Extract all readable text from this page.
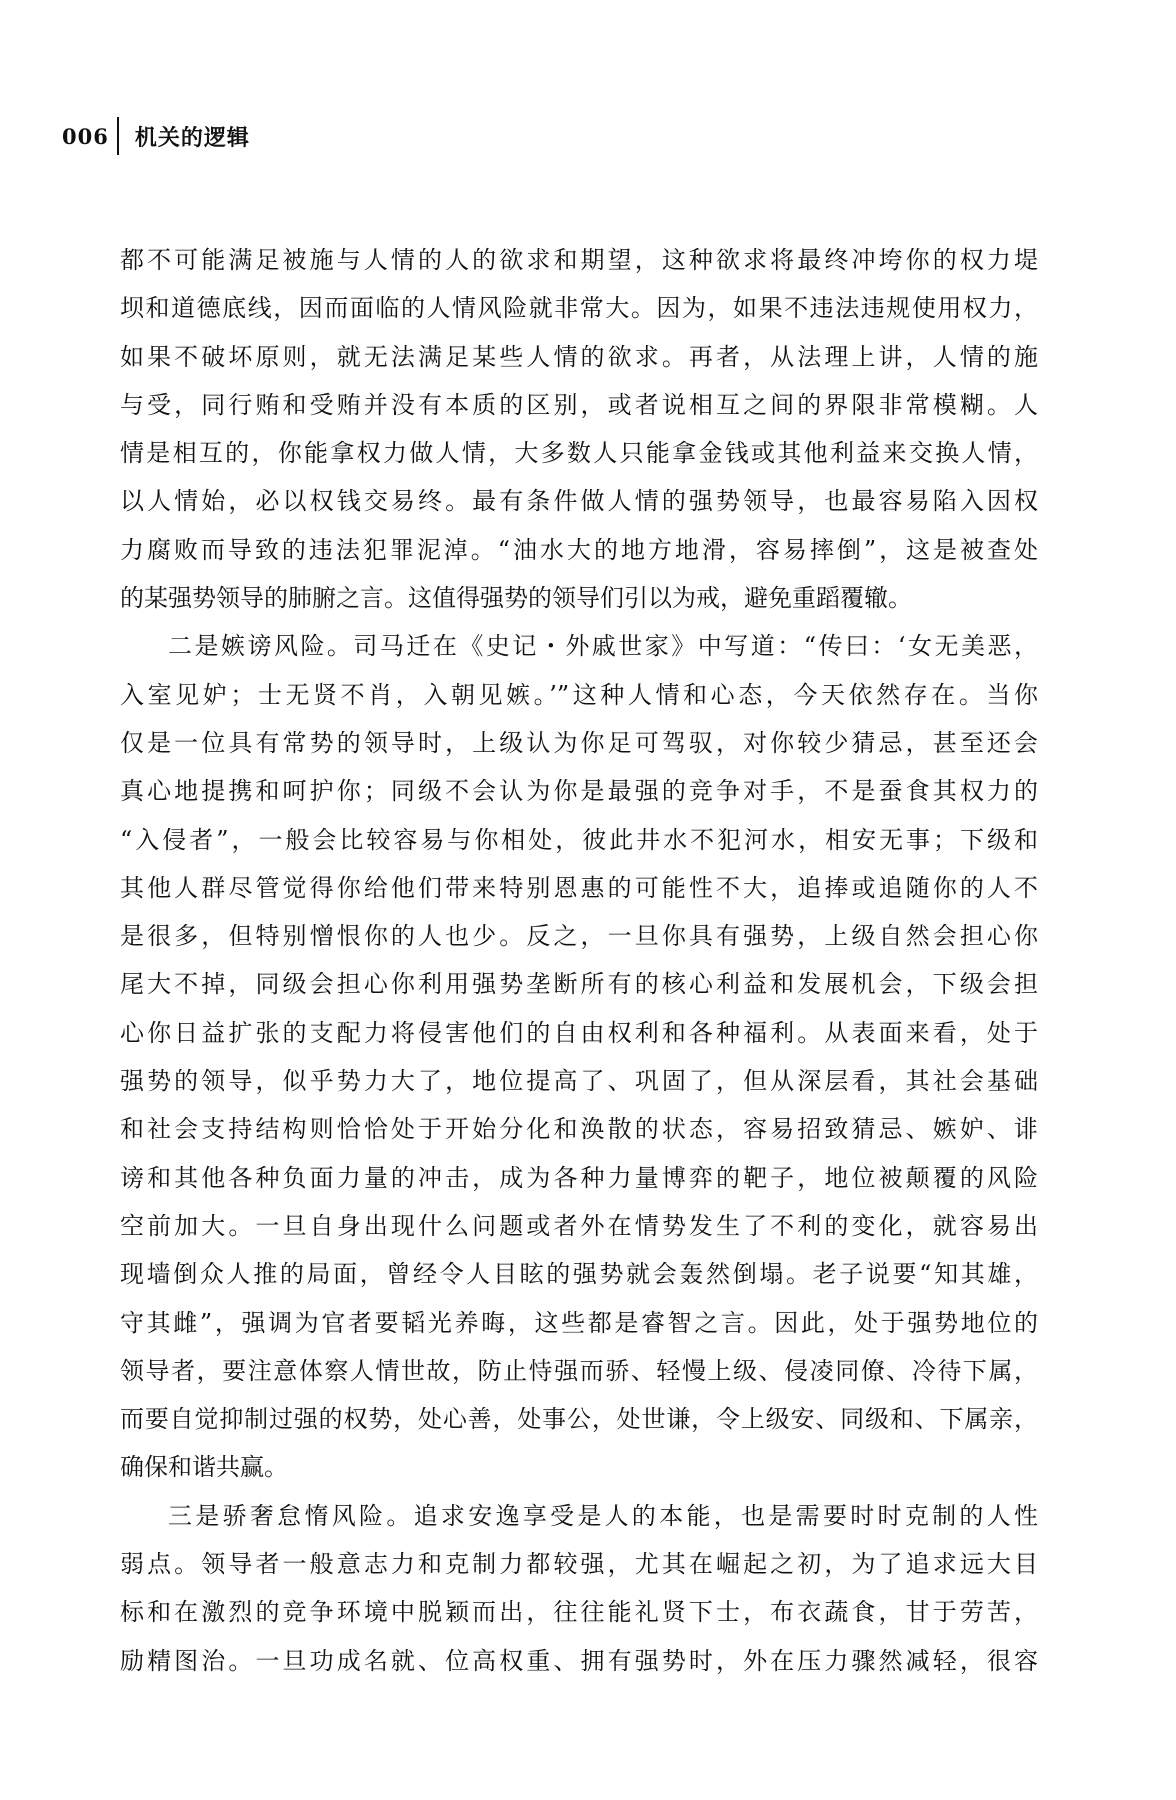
006 机关的逻辑
都不可能满足被施与人情的人的欲求和期望，这种欲求将最终冲垮你的权力堤
坝和道德底线，因而面临的人情风险就非常大。因为，如果不违法违规使用权力，
如果不破坏原则，就无法满足某些人情的欲求。再者，从法理上讲，人情的施
与受，同行贿和受贿并没有本质的区别，或者说相互之间的界限非常模糊。人
情是相互的，你能拿权力做人情，大多数人只能拿金钱或其他利益来交换人情，
以人情始，必以权钱交易终。最有条件做人情的强势领导，也最容易陷入因权
力腐败而导致的违法犯罪泥淖。“油水大的地方地滑，容易摔倒”，这是被查处
的某强势领导的肺腑之言。这值得强势的领导们引以为戒，避免重蹈覆辙。
二是嫉谤风险。司马迁在《史记・外戚世家》中写道：“传曰：‘女无美恶，
入室见妒；士无贤不肖，入朝见嫉。’”这种人情和心态，今天依然存在。当你
仅是一位具有常势的领导时，上级认为你足可驾驭，对你较少猜忌，甚至还会
真心地提携和呵护你；同级不会认为你是最强的竞争对手，不是蚕食其权力的
“入侵者”，一般会比较容易与你相处，彼此井水不犯河水，相安无事；下级和
其他人群尽管觉得你给他们带来特别恩惠的可能性不大，追捧或追随你的人不
是很多，但特别憎恨你的人也少。反之，一旦你具有强势，上级自然会担心你
尾大不掉，同级会担心你利用强势垄断所有的核心利益和发展机会，下级会担
心你日益扩张的支配力将侵害他们的自由权利和各种福利。从表面来看，处于
强势的领导，似乎势力大了，地位提高了、巩固了，但从深层看，其社会基础
和社会支持结构则恰恰处于开始分化和涣散的状态，容易招致猜忌、嫉妒、诽
谤和其他各种负面力量的冲击，成为各种力量博弈的靶子，地位被颠覆的风险
空前加大。一旦自身出现什么问题或者外在情势发生了不利的变化，就容易出
现墙倒众人推的局面，曾经令人目眩的强势就会轰然倒塌。老子说要“知其雄，
守其雌”，强调为官者要韬光养晦，这些都是睿智之言。因此，处于强势地位的
领导者，要注意体察人情世故，防止恃强而骄、轻慢上级、侵凌同僚、冷待下属，
而要自觉抑制过强的权势，处心善，处事公，处世谦，令上级安、同级和、下属亲，
确保和谐共赢。
三是骄奢怠惰风险。追求安逸享受是人的本能，也是需要时时克制的人性
弱点。领导者一般意志力和克制力都较强，尤其在崛起之初，为了追求远大目
标和在激烈的竞争环境中脱颖而出，往往能礼贤下士，布衣蔬食，甘于劳苦，
励精图治。一旦功成名就、位高权重、拥有强势时，外在压力骤然减轻，很容
